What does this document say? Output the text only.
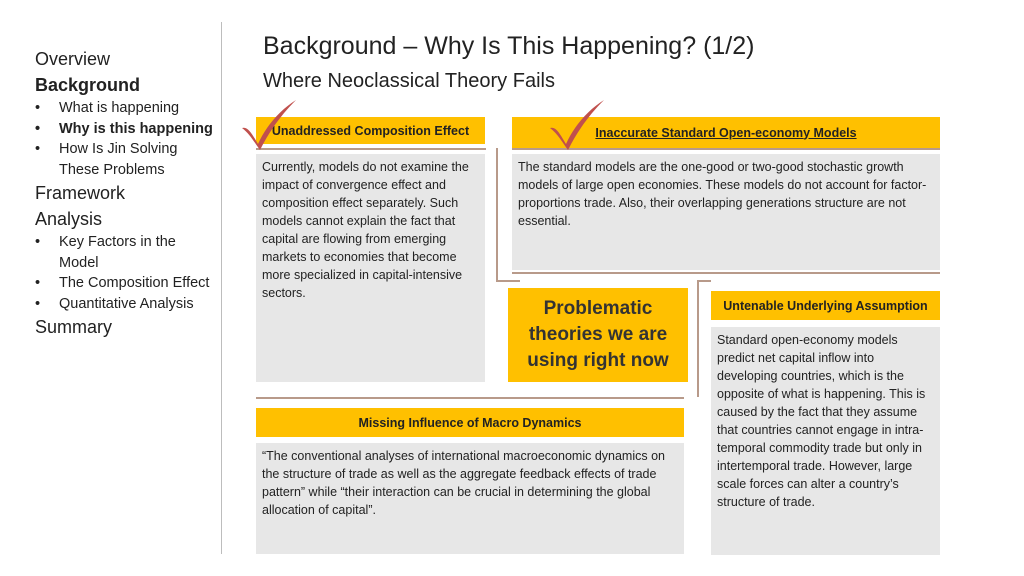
Overview
Background
• What is happening
• Why is this happening
• How Is Jin Solving These Problems
Framework
Analysis
• Key Factors in the Model
• The Composition Effect
• Quantitative Analysis
Summary
Background – Why Is This Happening? (1/2)
Where Neoclassical Theory Fails
Unaddressed Composition Effect
Currently, models do not examine the impact of convergence effect and composition effect separately. Such models cannot explain the fact that capital are flowing from emerging markets to economies that become more specialized in capital-intensive sectors.
Inaccurate Standard Open-economy Models
The standard models are the one-good or two-good stochastic growth models of large open economies. These models do not account for factor-proportions trade. Also, their overlapping generations structure are not essential.
Problematic theories we are using right now
Untenable Underlying Assumption
Standard open-economy models predict net capital inflow into developing countries, which is the opposite of what is happening. This is caused by the fact that they assume that countries cannot engage in intra-temporal commodity trade but only in intertemporal trade. However, large scale forces can alter a country’s structure of trade.
Missing Influence of Macro Dynamics
“The conventional analyses of international macroeconomic dynamics on the structure of trade as well as the aggregate feedback effects of trade pattern” while “their interaction can be crucial in determining the global allocation of capital”.
